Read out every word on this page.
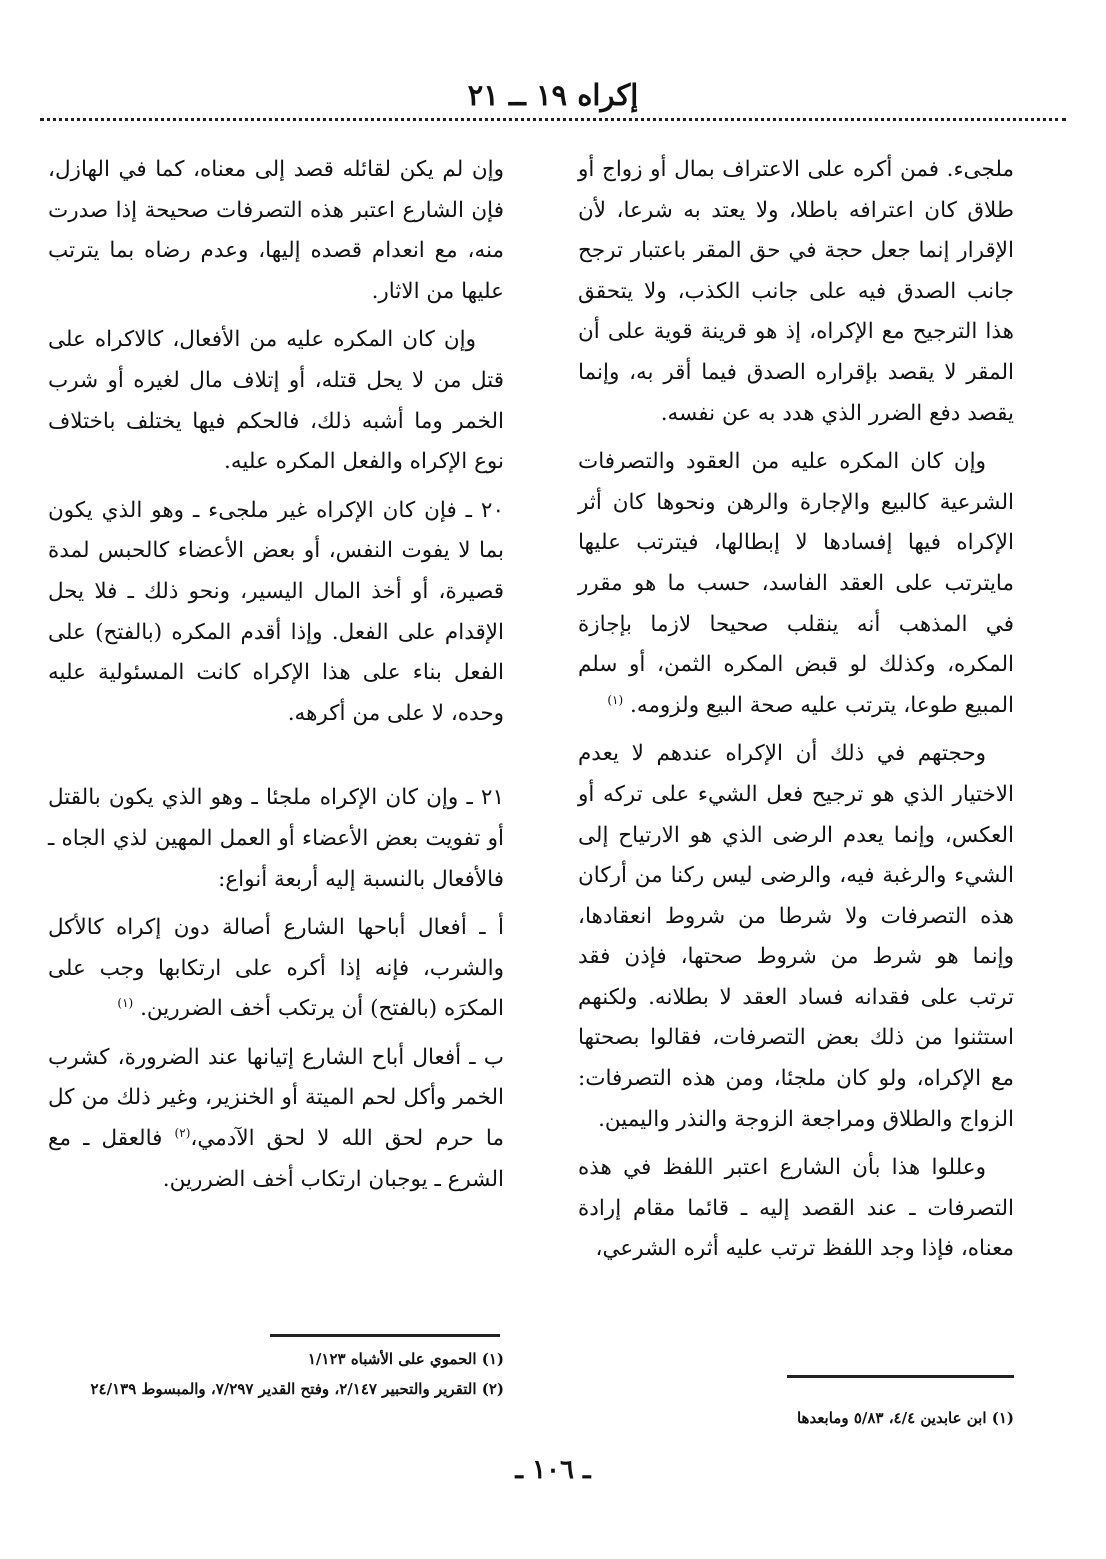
إكراه ١٩ ــ ٢١

ملجىء. فمن أكره على الاعتراف بمال أو زواج أو طلاق كان اعترافه باطلا، ولا يعتد به شرعا، لأن الإقرار إنما جعل حجة في حق المقر باعتبار ترجح جانب الصدق فيه على جانب الكذب، ولا يتحقق هذا الترجيح مع الإكراه، إذ هو قرينة قوية على أن المقر لا يقصد بإقراره الصدق فيما أقر به، وإنما يقصد دفع الضرر الذي هدد به عن نفسه.

وإن كان المكره عليه من العقود والتصرفات الشرعية كالبيع والإجارة والرهن ونحوها كان أثر الإكراه فيها إفسادها لا إبطالها، فيترتب عليها مايترتب على العقد الفاسد، حسب ما هو مقرر في المذهب أنه ينقلب صحيحا لازما بإجازة المكره، وكذلك لو قبض المكره الثمن، أو سلم المبيع طوعا، يترتب عليه صحة البيع ولزومه. $^{(١)}$

وحجتهم في ذلك أن الإكراه عندهم لا يعدم الاختيار الذي هو ترجيح فعل الشيء على تركه أو العكس، وإنما يعدم الرضى الذي هو الارتياح إلى الشيء والرغبة فيه، والرضى ليس ركنا من أركان هذه التصرفات ولا شرطا من شروط انعقادها، وإنما هو شرط من شروط صحتها، فإذن فقد ترتب على فقدانه فساد العقد لا بطلانه. ولكنهم استثنوا من ذلك بعض التصرفات، فقالوا بصحتها مع الإكراه، ولو كان ملجئا، ومن هذه التصرفات: الزواج والطلاق ومراجعة الزوجة والنذر واليمين.

وعللوا هذا بأن الشارع اعتبر اللفظ في هذه التصرفات ـ عند القصد إليه ـ قائما مقام إرادة معناه، فإذا وجد اللفظ ترتب عليه أثره الشرعي،

وإن لم يكن لقائله قصد إلى معناه، كما في الهازل، فإن الشارع اعتبر هذه التصرفات صحيحة إذا صدرت منه، مع انعدام قصده إليها، وعدم رضاه بما يترتب عليها من الاثار.

وإن كان المكره عليه من الأفعال، كالاكراه على قتل من لا يحل قتله، أو إتلاف مال لغيره أو شرب الخمر وما أشبه ذلك، فالحكم فيها يختلف باختلاف نوع الإكراه والفعل المكره عليه.

٢٠ ـ فإن كان الإكراه غير ملجىء ـ وهو الذي يكون بما لا يفوت النفس، أو بعض الأعضاء كالحبس لمدة قصيرة، أو أخذ المال اليسير، ونحو ذلك ـ فلا يحل الإقدام على الفعل. وإذا أقدم المكره (بالفتح) على الفعل بناء على هذا الإكراه كانت المسئولية عليه وحده، لا على من أكرهه.

٢١ ـ وإن كان الإكراه ملجئا ـ وهو الذي يكون بالقتل أو تفويت بعض الأعضاء أو العمل المهين لذي الجاه ـ فالأفعال بالنسبة إليه أربعة أنواع:

أ ـ أفعال أباحها الشارع أصالة دون إكراه كالأكل والشرب، فإنه إذا أكره على ارتكابها وجب على المكرَه (بالفتح) أن يرتكب أخف الضررين. $^{(١)}$

ب ـ أفعال أباح الشارع إتيانها عند الضرورة، كشرب الخمر وأكل لحم الميتة أو الخنزير، وغير ذلك من كل ما حرم لحق الله لا لحق الآدمي،$^{(٢)}$ فالعقل ـ مع الشرع ـ يوجبان ارتكاب أخف الضررين.

(١) ابن عابدين ٤/٤، ٥/٨٣ ومابعدها
(١) الحموي على الأشباه ١/١٢٣
(٢) التقرير والتحبير ٢/١٤٧، وفتح القدير ٧/٢٩٧، والمبسوط ٢٤/١٣٩
ـ ١٠٦ ـ
